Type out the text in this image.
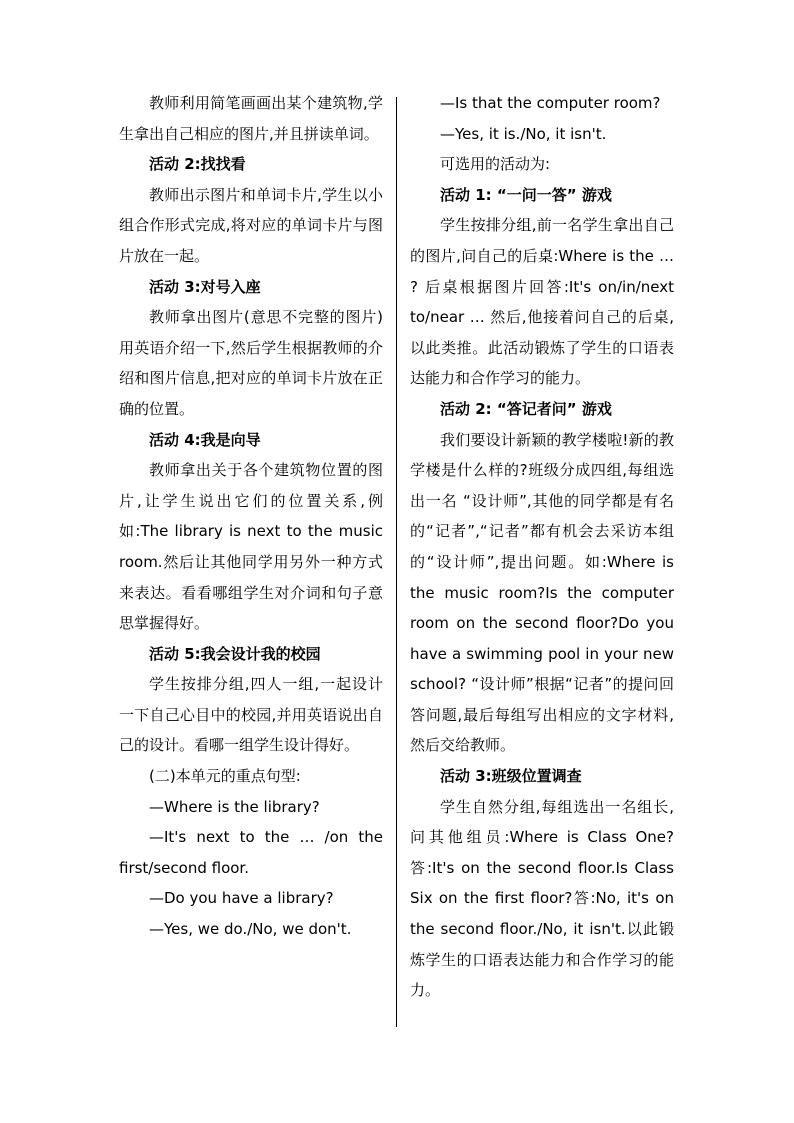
教师利用简笔画画出某个建筑物,学生拿出自己相应的图片,并且拼读单词。

活动 2:找找看

教师出示图片和单词卡片,学生以小组合作形式完成,将对应的单词卡片与图片放在一起。

活动 3:对号入座

教师拿出图片(意思不完整的图片)用英语介绍一下,然后学生根据教师的介绍和图片信息,把对应的单词卡片放在正确的位置。

活动 4:我是向导

教师拿出关于各个建筑物位置的图片,让学生说出它们的位置关系,例如:The library is next to the music room.然后让其他同学用另外一种方式来表达。看看哪组学生对介词和句子意思掌握得好。

活动 5:我会设计我的校园

学生按排分组,四人一组,一起设计一下自己心目中的校园,并用英语说出自己的设计。看哪一组学生设计得好。

(二)本单元的重点句型:

—Where is the library?

—It's next to the … /on the first/second floor.

—Do you have a library?

—Yes, we do./No, we don't.

—Is that the computer room?

—Yes, it is./No, it isn't.

可选用的活动为:

活动 1: “一问一答” 游戏

学生按排分组,前一名学生拿出自己的图片,问自己的后桌:Where is the … ? 后桌根据图片回答:It's on/in/next to/near … 然后,他接着问自己的后桌,以此类推。此活动锻炼了学生的口语表达能力和合作学习的能力。

活动 2: “答记者问” 游戏

我们要设计新颖的教学楼啦!新的教学楼是什么样的?班级分成四组,每组选出一名 “设计师”,其他的同学都是有名的“记者”,“记者”都有机会去采访本组的“设计师”,提出问题。如:Where is the music room?Is the computer room on the second floor?Do you have a swimming pool in your new school? “设计师”根据“记者”的提问回答问题,最后每组写出相应的文字材料,然后交给教师。

活动 3:班级位置调查

学生自然分组,每组选出一名组长,问其他组员:Where is Class One? 答:It's on the second floor.Is Class Six on the first floor?答:No, it's on the second floor./No, it isn't.以此锻炼学生的口语表达能力和合作学习的能力。
